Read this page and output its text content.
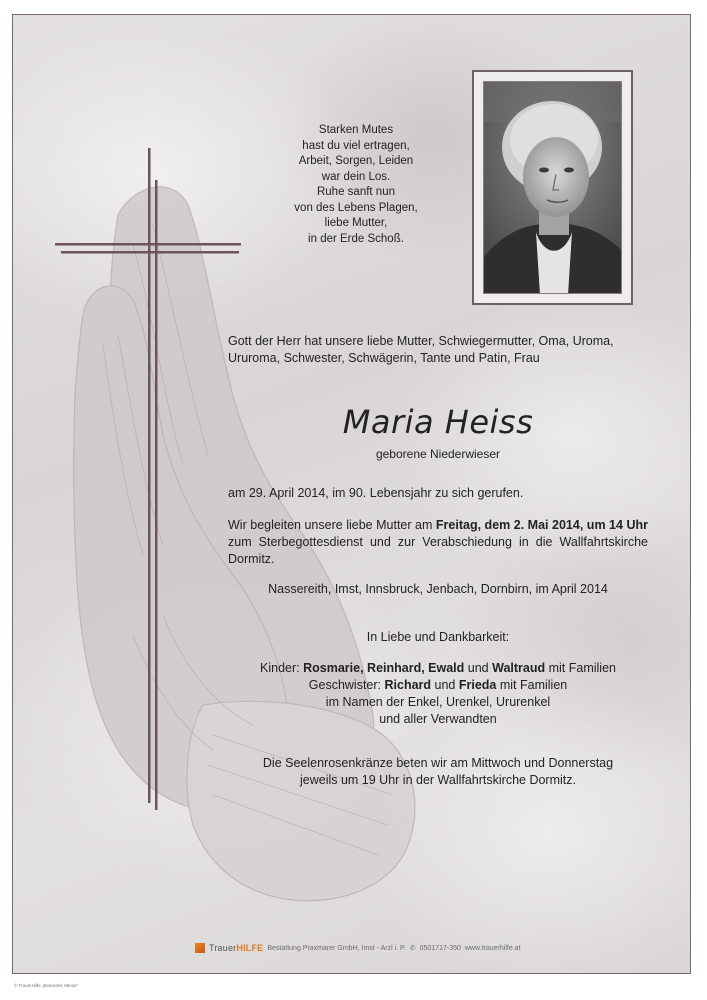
Starken Mutes
hast du viel ertragen,
Arbeit, Sorgen, Leiden
war dein Los.
Ruhe sanft nun
von des Lebens Plagen,
liebe Mutter,
in der Erde Schoß.
Gott der Herr hat unsere liebe Mutter, Schwiegermutter, Oma, Uroma,
Ururoma, Schwester, Schwägerin, Tante und Patin, Frau
Maria Heiss
geborene Niederwieser
am 29. April 2014, im 90. Lebensjahr zu sich gerufen.
Wir begleiten unsere liebe Mutter am Freitag, dem 2. Mai 2014, um 14 Uhr zum Sterbegottesdienst und zur Verabschiedung in die Wallfahrtskirche Dormitz.
Nassereith, Imst, Innsbruck, Jenbach, Dornbirn, im April 2014
In Liebe und Dankbarkeit:
Kinder: Rosmarie, Reinhard, Ewald und Waltraud mit Familien
Geschwister: Richard und Frieda mit Familien
im Namen der Enkel, Urenkel, Ururenkel
und aller Verwandten
Die Seelenrosenkränze beten wir am Mittwoch und Donnerstag
jeweils um 19 Uhr in der Wallfahrtskirche Dormitz.
TrauerHILFE Bestattung Praxmarer GmbH, Imst - Arzl i. P. ✆ 0501717-350 www.trauerhilfe.at
© TrauerHilfe „Betendes Hände“
